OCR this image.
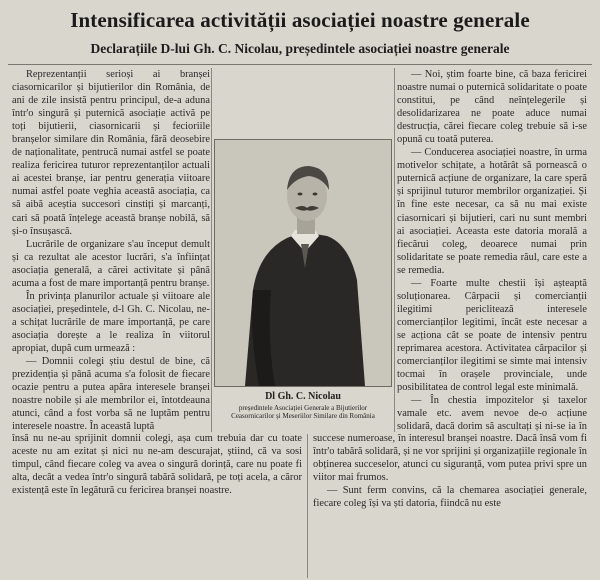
Intensificarea activității asociației noastre generale
Declarațiile D-lui Gh. C. Nicolau, președintele asociației noastre generale

Reprezentanții serioși ai branșei ciasornicarilor și bijutierilor din România, de ani de zile insistă pentru principul, de-a aduna într'o singură și puternică asociație activă pe toți bijutierii, ciasornicarii și fecioriile branșelor similare din România, fără deosebire de naționalitate, pentrucă numai astfel se poate realiza fericirea tuturor reprezentanților actuali ai acestei branșe, iar pentru generația viitoare numai astfel poate veghia această asociația, ca să aibă aceștia succesori cinstiți și marcanți, cari să poată înțelege această branșe nobilă, să și-o însușască.

Lucrările de organizare s'au început demult și ca rezultat ale acestor lucrări, s'a înființat asociația generală, a cărei activitate și până acuma a fost de mare importanță pentru branșe.

În privința planurilor actuale și viitoare ale asociației, președintele, d-l Gh. C. Nicolau, ne-a schițat lucrările de mare importanță, pe care asociația dorește a le realiza în viitorul apropiat, după cum urmează :

— Domnii colegi știu destul de bine, că prezidenția și până acuma s'a folosit de fiecare ocazie pentru a putea apăra interesele branșei noastre nobile și ale membrilor ei, întotdeauna atunci, când a fost vorba să ne luptăm pentru interesele noastre. În această luptă

Dl Gh. C. Nicolau
președintele Asociației Generale a Bijutierilor
Ceasornicarilor și Meseriilor Similare din România

— Noi, știm foarte bine, că baza fericirei noastre numai o puternică solidaritate o poate constitui, pe când neînțelegerile și desolidarizarea ne poate aduce numai destrucția, cărei fiecare coleg trebuie să i-se opună cu toată puterea.

— Conducerea asociației noastre, în urma motivelor schițate, a hotărât să pornească o puternică acțiune de organizare, la care speră și sprijinul tuturor membrilor organizației. Și în fine este necesar, ca să nu mai existe ciasornicari și bijutieri, cari nu sunt membri ai asociației. Aceasta este datoria morală a fiecărui coleg, deoarece numai prin solidaritate se poate remedia răul, care este a se remedia.

— Foarte multe chestii își așteaptă soluționarea. Cârpacii și comercianții ilegitimi periclitează interesele comercianților legitimi, încât este necesar a se acționa cât se poate de intensiv pentru reprimarea acestora. Activitatea cârpacilor și comercianților ilegitimi se simte mai intensiv tocmai în orașele provinciale, unde posibilitatea de control legal este minimală.

— În chestia impozitelor și taxelor vamale etc. avem nevoe de-o acțiune solidară, dacă dorim să ascultați și ni-se ia în

însă nu ne-au sprijinit domnii colegi, așa cum trebuia dar cu toate aceste nu am ezitat și nici nu ne-am descurajat, știind, că va sosi timpul, când fiecare coleg va avea o singură dorință, care nu poate fi alta, decât a vedea într'o singură tabără solidară, pe toți acela, a căror existență este în legătură cu fericirea branșei noastre.

succese numeroase, în interesul branșei noastre. Dacă însă vom fi într'o tabără solidară, și ne vor sprijini și organizațiile regionale în obținerea succeselor, atunci cu siguranță, vom putea privi spre un viitor mai frumos.

— Sunt ferm convins, că la chemarea asociației generale, fiecare coleg își va ști datoria, fiindcă nu este
